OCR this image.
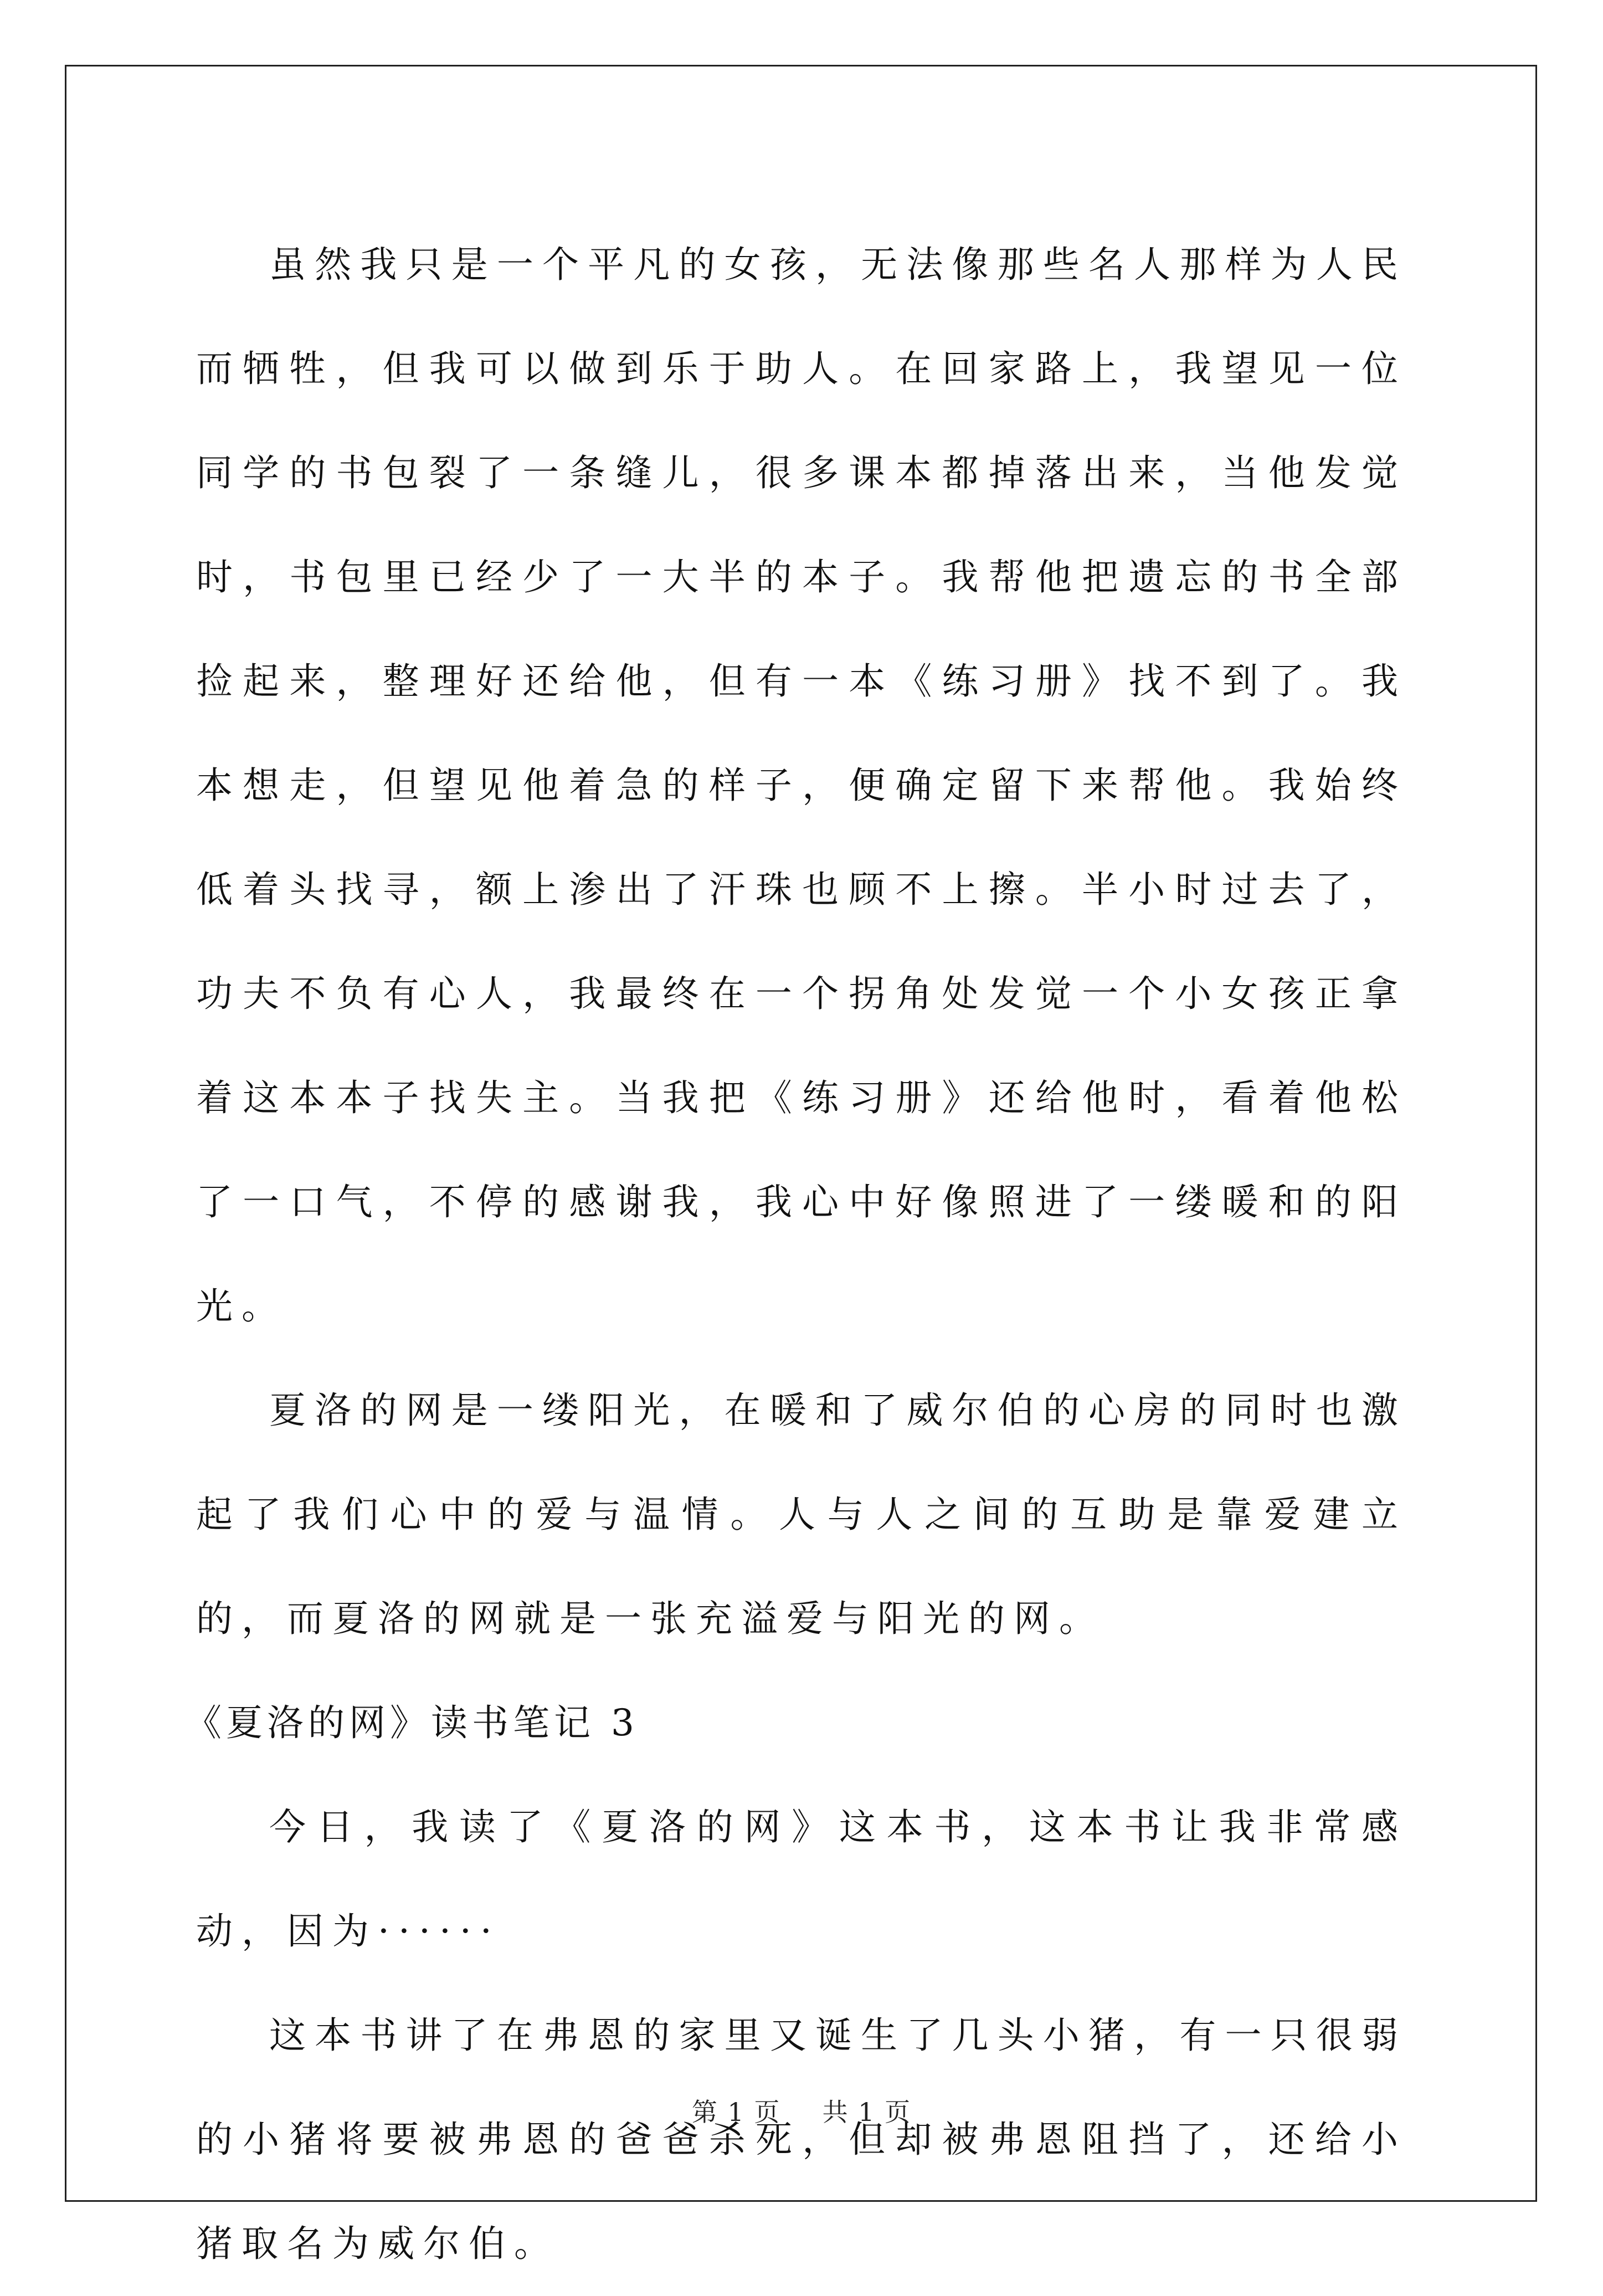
虽然我只是一个平凡的女孩，无法像那些名人那样为人民而牺牲，但我可以做到乐于助人。在回家路上，我望见一位同学的书包裂了一条缝儿，很多课本都掉落出来，当他发觉时，书包里已经少了一大半的本子。我帮他把遗忘的书全部捡起来，整理好还给他，但有一本《练习册》找不到了。我本想走，但望见他着急的样子，便确定留下来帮他。我始终低着头找寻，额上渗出了汗珠也顾不上擦。半小时过去了，功夫不负有心人，我最终在一个拐角处发觉一个小女孩正拿着这本本子找失主。当我把《练习册》还给他时，看着他松了一口气，不停的感谢我，我心中好像照进了一缕暖和的阳光。

夏洛的网是一缕阳光，在暖和了威尔伯的心房的同时也激起了我们心中的爱与温情。人与人之间的互助是靠爱建立的，而夏洛的网就是一张充溢爱与阳光的网。

《夏洛的网》读书笔记 3

今日，我读了《夏洛的网》这本书，这本书让我非常感动，因为······

这本书讲了在弗恩的家里又诞生了几头小猪，有一只很弱的小猪将要被弗恩的爸爸杀死，但却被弗恩阻挡了，还给小猪取名为威尔伯。

第 1 页 共 1 页
